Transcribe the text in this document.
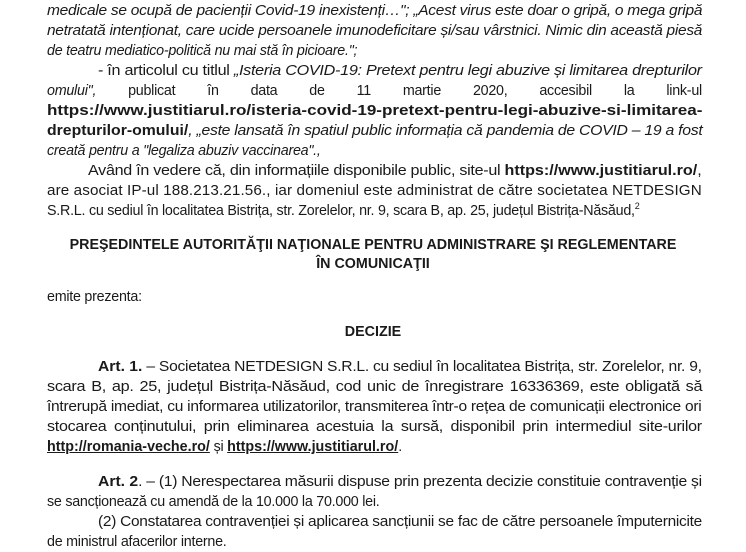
medicale se ocupă de pacienții Covid-19 inexistenți…"; „Acest virus este doar o gripă, o mega gripă
netratată intenționat, care ucide persoanele imunodeficitare și/sau vârstnici. Nimic din această piesă
de teatru mediatico-politică nu mai stă în picioare.";
- în articolul cu titlul „Isteria COVID-19: Pretext pentru legi abuzive și limitarea drepturilor
omului", publicat în data de 11 martie 2020, accesibil la link-ul
https://www.justitiarul.ro/isteria-covid-19-pretext-pentru-legi-abuzive-si-limitarea-
drepturilor-omului/, „este lansată în spatiul public informația că pandemia de COVID – 19 a fost
creată pentru a "legaliza abuziv vaccinarea".,
Având în vedere că, din informațiile disponibile public, site-ul https://www.justitiarul.ro/,
are asociat IP-ul 188.213.21.56., iar domeniul este administrat de către societatea NETDESIGN
S.R.L. cu sediul în localitatea Bistrița, str. Zorelelor, nr. 9, scara B, ap. 25, județul Bistrița-Năsăud,$^2$
PREŞEDINTELE AUTORITĂŢII NAŢIONALE PENTRU ADMINISTRARE ŞI REGLEMENTARE
ÎN COMUNICAŢII
emite prezenta:
DECIZIE
Art. 1. – Societatea NETDESIGN S.R.L. cu sediul în localitatea Bistrița, str. Zorelelor, nr. 9,
scara B, ap. 25, județul Bistrița-Năsăud, cod unic de înregistrare 16336369, este obligată să
întrerupă imediat, cu informarea utilizatorilor, transmiterea într-o rețea de comunicații electronice ori
stocarea conținutului, prin eliminarea acestuia la sursă, disponibil prin intermediul site-urilor
http://romania-veche.ro/ și https://www.justitiarul.ro/.
Art. 2. – (1) Nerespectarea măsurii dispuse prin prezenta decizie constituie contravenție și
se sancționează cu amendă de la 10.000 la 70.000 lei.
(2) Constatarea contravenției și aplicarea sancțiunii se fac de către persoanele împuternicite
de ministrul afacerilor interne.
